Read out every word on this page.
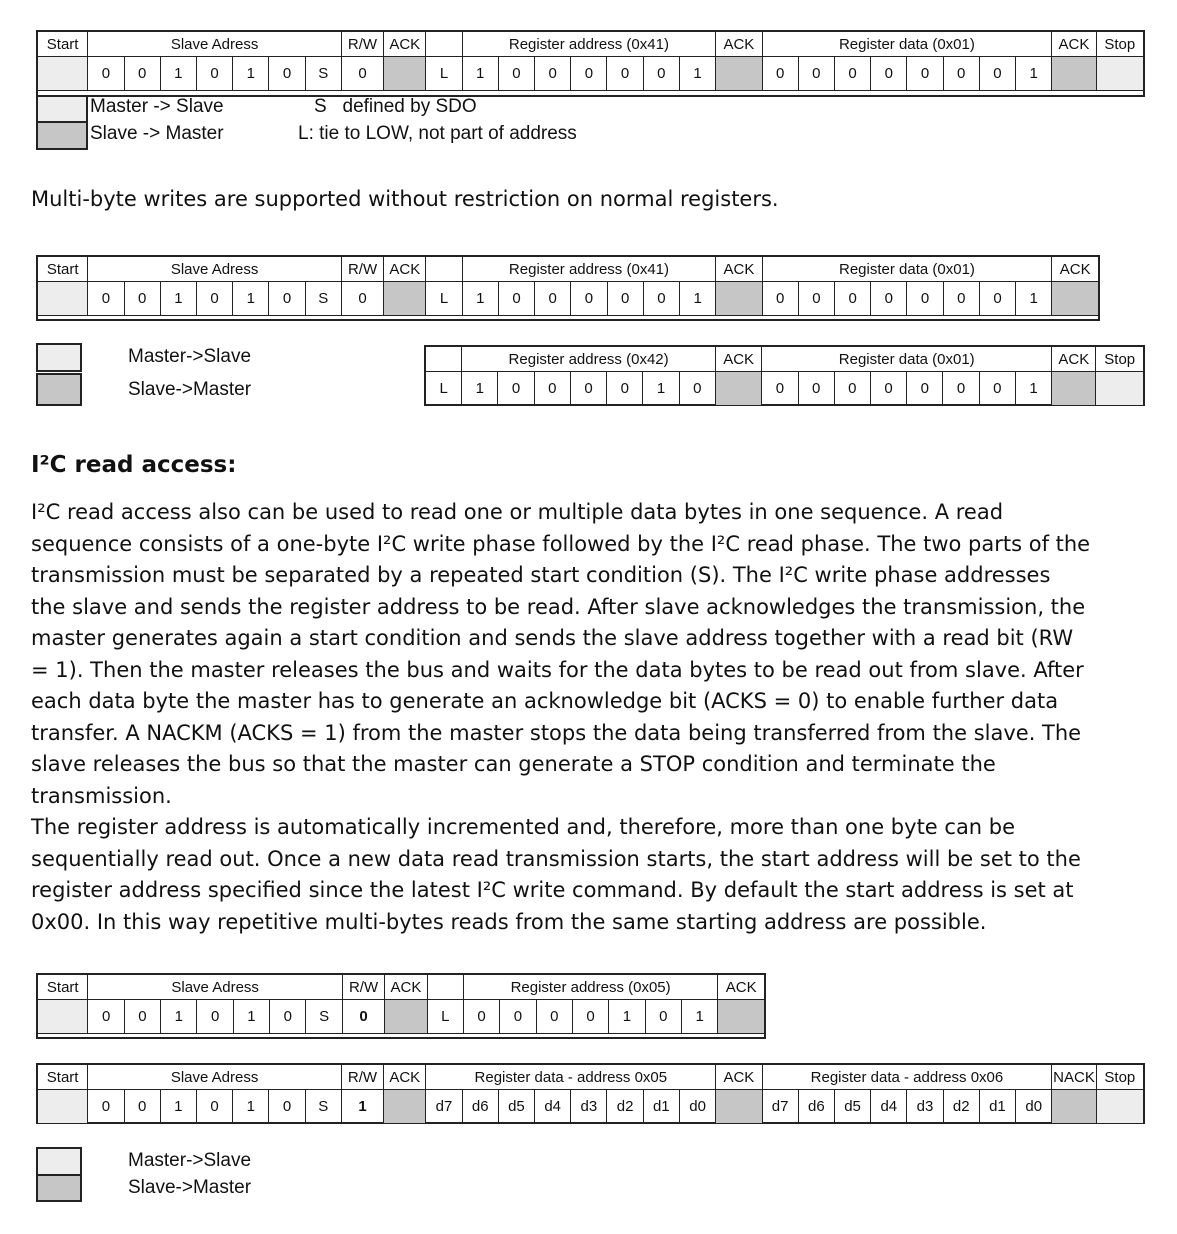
Start	Slave Adress							R/W	ACK		Register address (0x41)							ACK	Register data (0x01)								ACK	Stop
	0	0	1	0	1	0	S	0		L	1	0	0	0	0	0	1		0	0	0	0	0	0	0	1		
Master -> Slave
Slave -> Master
S   defined by SDO
L: tie to LOW, not part of address
Multi-byte writes are supported without restriction on normal registers.
Start	Slave Adress							R/W	ACK		Register address (0x41)							ACK	Register data (0x01)								ACK
	0	0	1	0	1	0	S	0		L	1	0	0	0	0	0	1		0	0	0	0	0	0	0	1	
Master->Slave
Slave->Master
	Register address (0x42)							ACK	Register data (0x01)								ACK	Stop
L	1	0	0	0	0	1	0		0	0	0	0	0	0	0	1		
I²C read access:
I²C read access also can be used to read one or multiple data bytes in one sequence. A read sequence consists of a one-byte I²C write phase followed by the I²C read phase. The two parts of the transmission must be separated by a repeated start condition (S). The I²C write phase addresses the slave and sends the register address to be read. After slave acknowledges the transmission, the master generates again a start condition and sends the slave address together with a read bit (RW = 1). Then the master releases the bus and waits for the data bytes to be read out from slave. After each data byte the master has to generate an acknowledge bit (ACKS = 0) to enable further data transfer. A NACKM (ACKS = 1) from the master stops the data being transferred from the slave. The slave releases the bus so that the master can generate a STOP condition and terminate the transmission.
The register address is automatically incremented and, therefore, more than one byte can be sequentially read out. Once a new data read transmission starts, the start address will be set to the register address specified since the latest I²C write command. By default the start address is set at 0x00. In this way repetitive multi-bytes reads from the same starting address are possible.
Start	Slave Adress							R/W	ACK		Register address (0x05)							ACK
	0	0	1	0	1	0	S	0		L	0	0	0	0	1	0	1	
Start	Slave Adress							R/W	ACK	Register data - address 0x05								ACK	Register data - address 0x06								NACK	Stop
	0	0	1	0	1	0	S	1		d7	d6	d5	d4	d3	d2	d1	d0		d7	d6	d5	d4	d3	d2	d1	d0		
Master->Slave
Slave->Master
